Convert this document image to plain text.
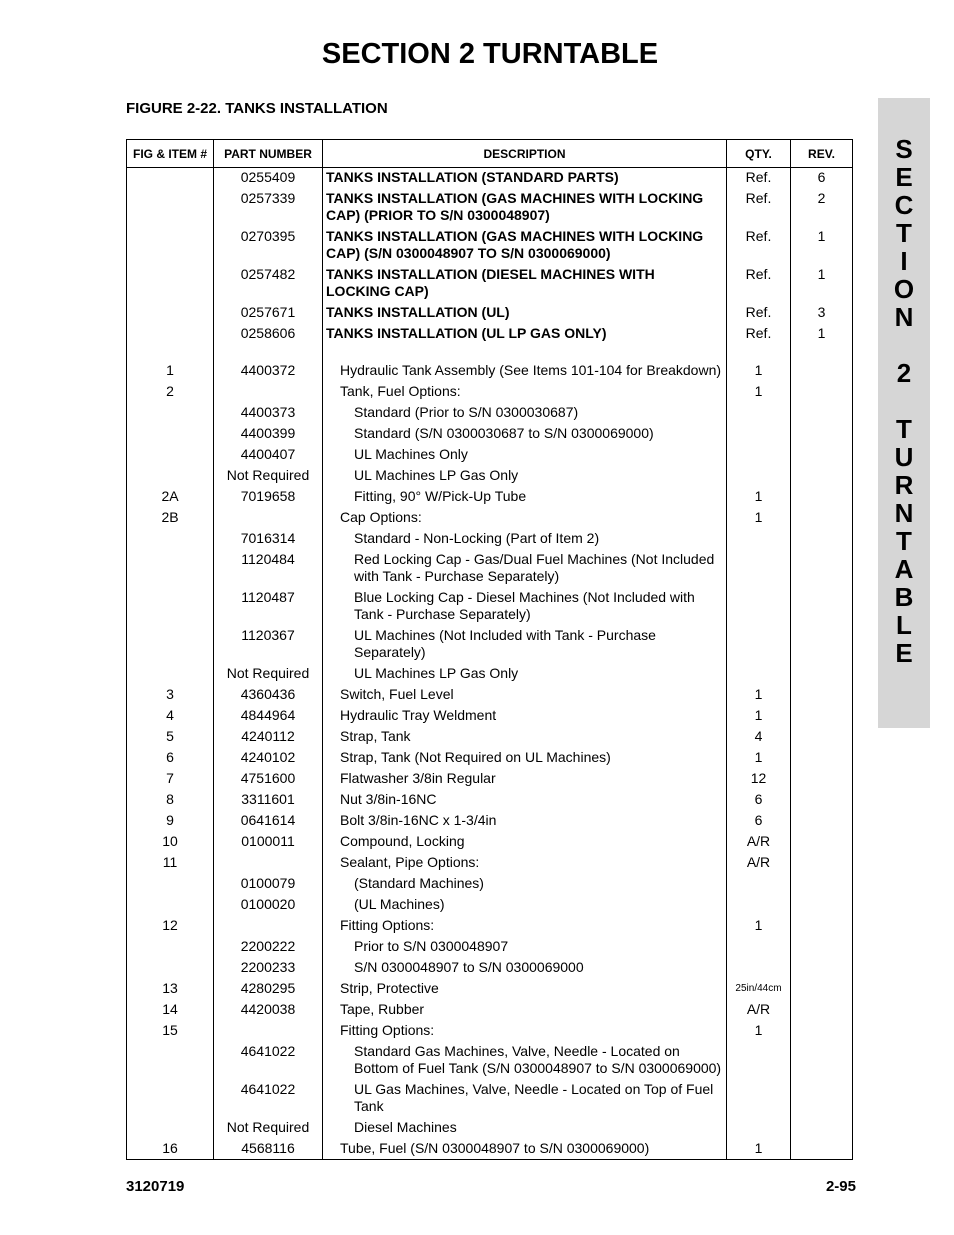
SECTION 2 TURNTABLE
FIGURE 2-22. TANKS INSTALLATION
S
E
C
T
I
O
N
2
T
U
R
N
T
A
B
L
E
FIG & ITEM #	PART NUMBER	DESCRIPTION	QTY.	REV.
	0255409	TANKS INSTALLATION (STANDARD PARTS)	Ref.	6
	0257339	TANKS INSTALLATION (GAS MACHINES WITH LOCKING CAP) (PRIOR TO S/N 0300048907)	Ref.	2
	0270395	TANKS INSTALLATION (GAS MACHINES WITH LOCKING CAP) (S/N 0300048907 TO S/N 0300069000)	Ref.	1
	0257482	TANKS INSTALLATION (DIESEL MACHINES WITH LOCKING CAP)	Ref.	1
	0257671	TANKS INSTALLATION (UL)	Ref.	3
	0258606	TANKS INSTALLATION (UL LP GAS ONLY)	Ref.	1

1	4400372	Hydraulic Tank Assembly (See Items 101-104 for Breakdown)	1	
2		Tank, Fuel Options:	1	
	4400373	Standard (Prior to S/N 0300030687)		

	4400399	Standard (S/N 0300030687 to S/N 0300069000)		

	4400407	UL Machines Only		

	Not Required	UL Machines LP Gas Only		

2A	7019658	Fitting, 90° W/Pick-Up Tube	1	
2B		Cap Options:	1	
	7016314	Standard - Non-Locking (Part of Item 2)		

	1120484	Red Locking Cap - Gas/Dual Fuel Machines (Not Included with Tank - Purchase Separately)		

	1120487	Blue Locking Cap - Diesel Machines (Not Included with Tank - Purchase Separately)		

	1120367	UL Machines (Not Included with Tank - Purchase Separately)		

	Not Required	UL Machines LP Gas Only		

3	4360436	Switch, Fuel Level	1	
4	4844964	Hydraulic Tray Weldment	1	
5	4240112	Strap, Tank	4	
6	4240102	Strap, Tank (Not Required on UL Machines)	1	
7	4751600	Flatwasher 3/8in Regular	12	
8	3311601	Nut 3/8in-16NC	6	
9	0641614	Bolt 3/8in-16NC x 1-3/4in	6	
10	0100011	Compound, Locking	A/R	
11		Sealant, Pipe Options:	A/R	
	0100079	(Standard Machines)		

	0100020	(UL Machines)		

12		Fitting Options:	1	
	2200222	Prior to S/N 0300048907		

	2200233	S/N 0300048907 to S/N 0300069000		

13	4280295	Strip, Protective	25in/44cm	
14	4420038	Tape, Rubber	A/R	
15		Fitting Options:	1	
	4641022	Standard Gas Machines, Valve, Needle - Located on Bottom of Fuel Tank (S/N 0300048907 to S/N 0300069000)		

	4641022	UL Gas Machines, Valve, Needle - Located on Top of Fuel Tank		

	Not Required	Diesel Machines		

16	4568116	Tube, Fuel (S/N 0300048907 to S/N 0300069000)	1	
3120719	2-95
